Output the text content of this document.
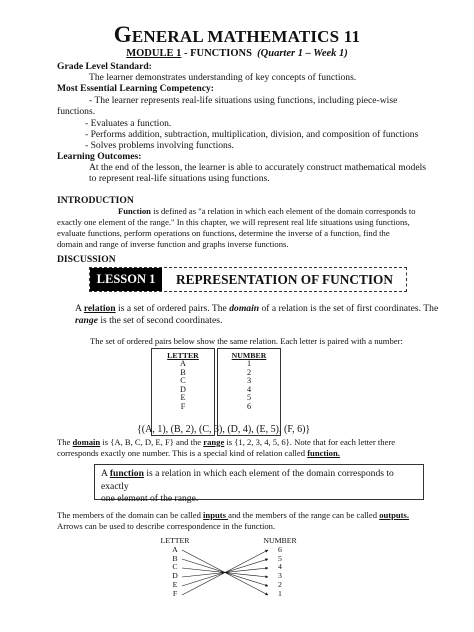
GENERAL MATHEMATICS 11
MODULE 1 - FUNCTIONS (Quarter 1 – Week 1)
Grade Level Standard:
The learner demonstrates understanding of key concepts of functions.
Most Essential Learning Competency:
- The learner represents real-life situations using functions, including piece-wise
functions.
- Evaluates a function.
- Performs addition, subtraction, multiplication, division, and composition of functions
- Solves problems involving functions.
Learning Outcomes:
At the end of the lesson, the learner is able to accurately construct mathematical models
to represent real-life situations using functions.
INTRODUCTION
Function is defined as "a relation in which each element of the domain corresponds to
exactly one element of the range." In this chapter, we will represent real life situations using functions,
evaluate functions, perform operations on functions, determine the inverse of a function, find the
domain and range of inverse function and graphs inverse functions.
DISCUSSION
LESSON 1	REPRESENTATION OF FUNCTION
A relation is a set of ordered pairs. The domain of a relation is the set of first coordinates. The
range is the set of second coordinates.
The set of ordered pairs below show the same relation. Each letter is paired with a number:
LETTER
A
B
C
D
E
F
NUMBER
1
2
3
4
5
6
{(A, 1), (B, 2), (C, 3), (D, 4), (E, 5), (F, 6)}
The domain is {A, B, C, D, E, F} and the range is {1, 2, 3, 4, 5, 6}. Note that for each letter there
corresponds exactly one number. This is a special kind of relation called function.
A function is a relation in which each element of the domain corresponds to exactly
one element of the range.
The members of the domain can be called inputs and the members of the range can be called outputs.
Arrows can be used to describe correspondence in the function.
LETTER
A
B
C
D
E
F
NUMBER
6
5
4
3
2
1
